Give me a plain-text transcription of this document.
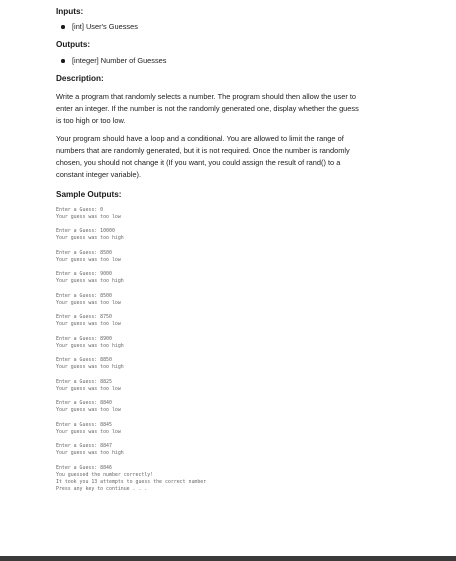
Inputs:
[int] User's Guesses
Outputs:
[integer] Number of Guesses
Description:
Write a program that randomly selects a number. The program should then allow the user to
enter an integer. If the number is not the randomly generated one, display whether the guess
is too high or too low.
Your program should have a loop and a conditional. You are allowed to limit the range of
numbers that are randomly generated, but it is not required. Once the number is randomly
chosen, you should not change it (If you want, you could assign the result of rand() to a
constant integer variable).
Sample Outputs:
Enter a Guess: 0
Your guess was too low
Enter a Guess: 10000
Your guess was too high
Enter a Guess: 8500
Your guess was too low
Enter a Guess: 9000
Your guess was too high
Enter a Guess: 8500
Your guess was too low
Enter a Guess: 8750
Your guess was too low
Enter a Guess: 8900
Your guess was too high
Enter a Guess: 8850
Your guess was too high
Enter a Guess: 8825
Your guess was too low
Enter a Guess: 8840
Your guess was too low
Enter a Guess: 8845
Your guess was too low
Enter a Guess: 8847
Your guess was too high
Enter a Guess: 8846
You guessed the number correctly!
It took you 13 attempts to guess the correct number
Press any key to continue . . .
